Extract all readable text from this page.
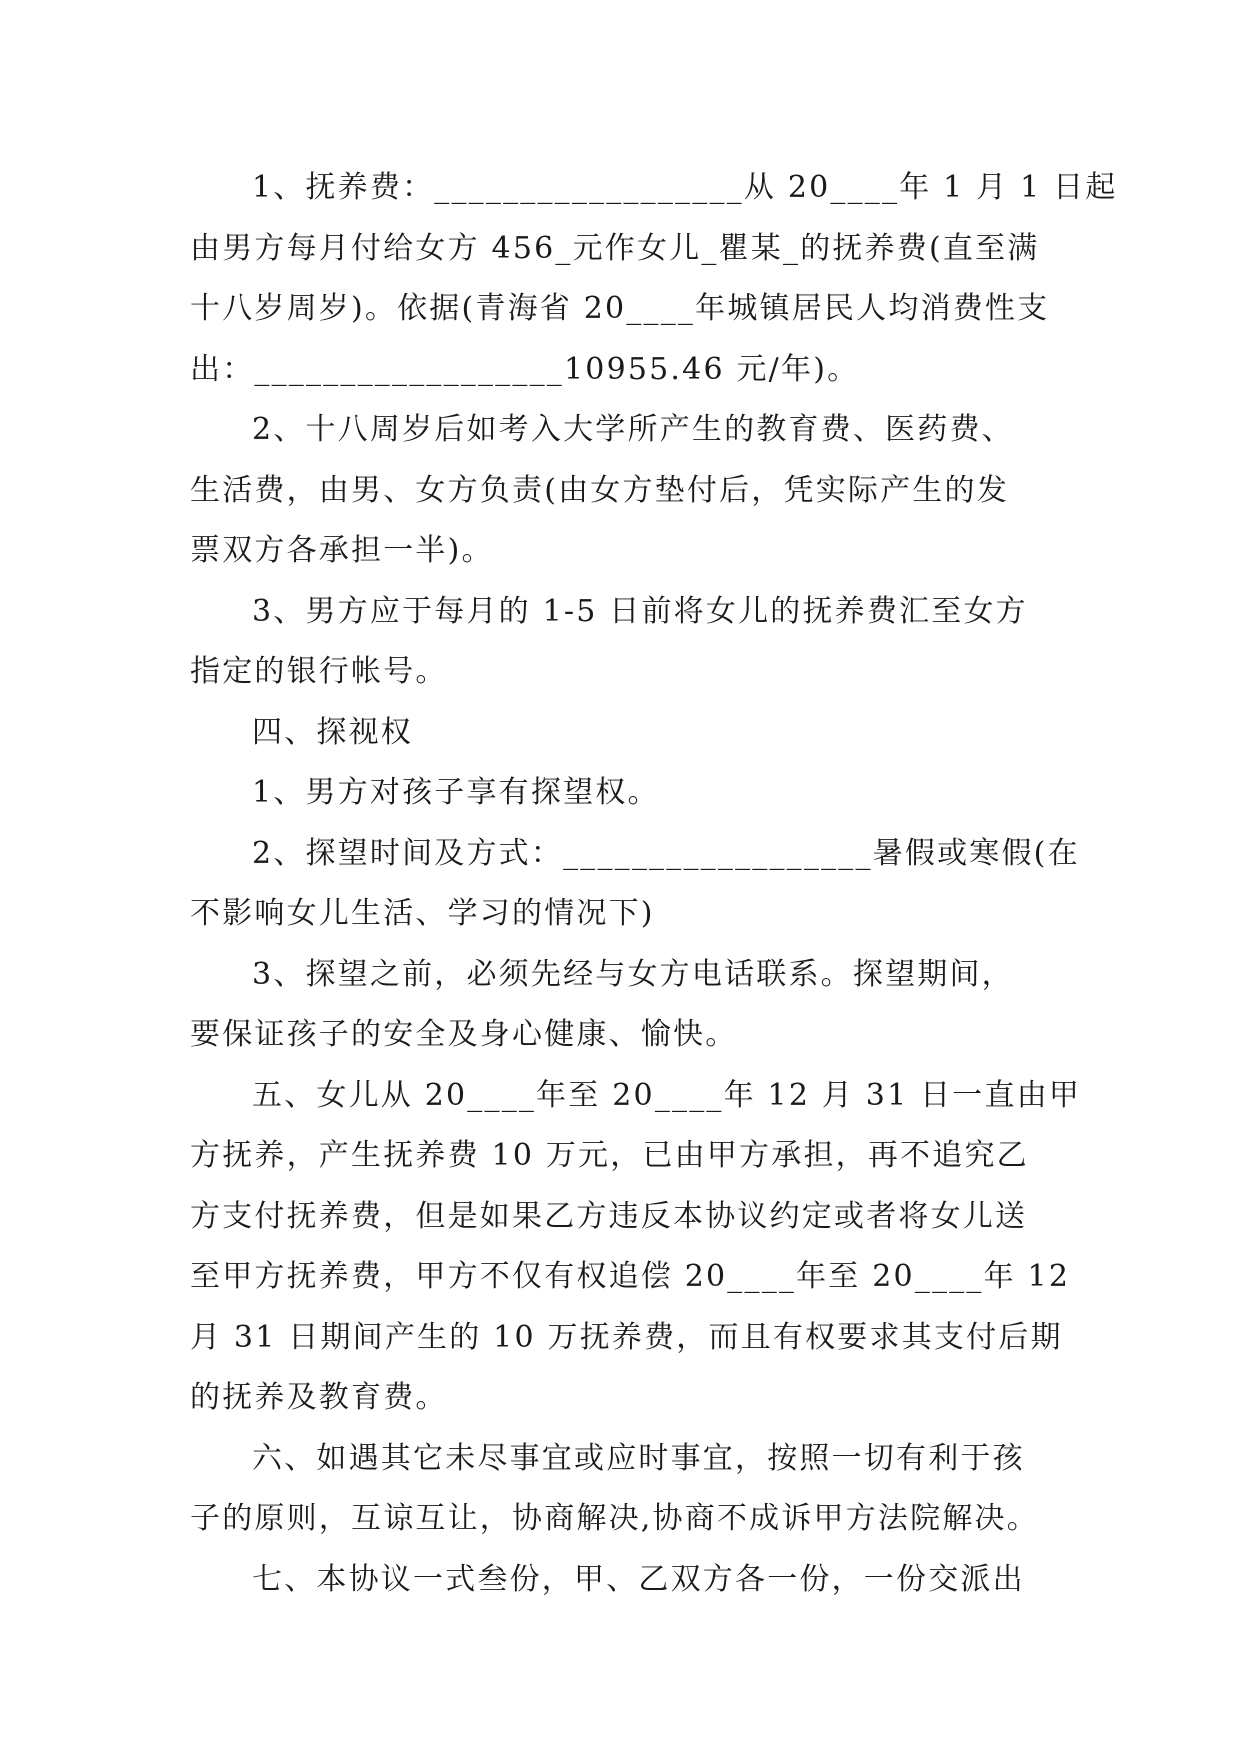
1、抚养费：__________________从 20____年 1 月 1 日起
由男方每月付给女方 456_元作女儿_瞿某_的抚养费(直至满
十八岁周岁)。依据(青海省 20____年城镇居民人均消费性支
出：__________________10955.46 元/年)。

2、十八周岁后如考入大学所产生的教育费、医药费、
生活费，由男、女方负责(由女方垫付后，凭实际产生的发
票双方各承担一半)。

3、男方应于每月的 1-5 日前将女儿的抚养费汇至女方
指定的银行帐号。

四、探视权

1、男方对孩子享有探望权。

2、探望时间及方式：__________________暑假或寒假(在
不影响女儿生活、学习的情况下)

3、探望之前，必须先经与女方电话联系。探望期间，
要保证孩子的安全及身心健康、愉快。

五、女儿从 20____年至 20____年 12 月 31 日一直由甲
方抚养，产生抚养费 10 万元，已由甲方承担，再不追究乙
方支付抚养费，但是如果乙方违反本协议约定或者将女儿送
至甲方抚养费，甲方不仅有权追偿 20____年至 20____年 12
月 31 日期间产生的 10 万抚养费，而且有权要求其支付后期
的抚养及教育费。

六、如遇其它未尽事宜或应时事宜，按照一切有利于孩
子的原则，互谅互让，协商解决,协商不成诉甲方法院解决。

七、本协议一式叁份，甲、乙双方各一份，一份交派出
